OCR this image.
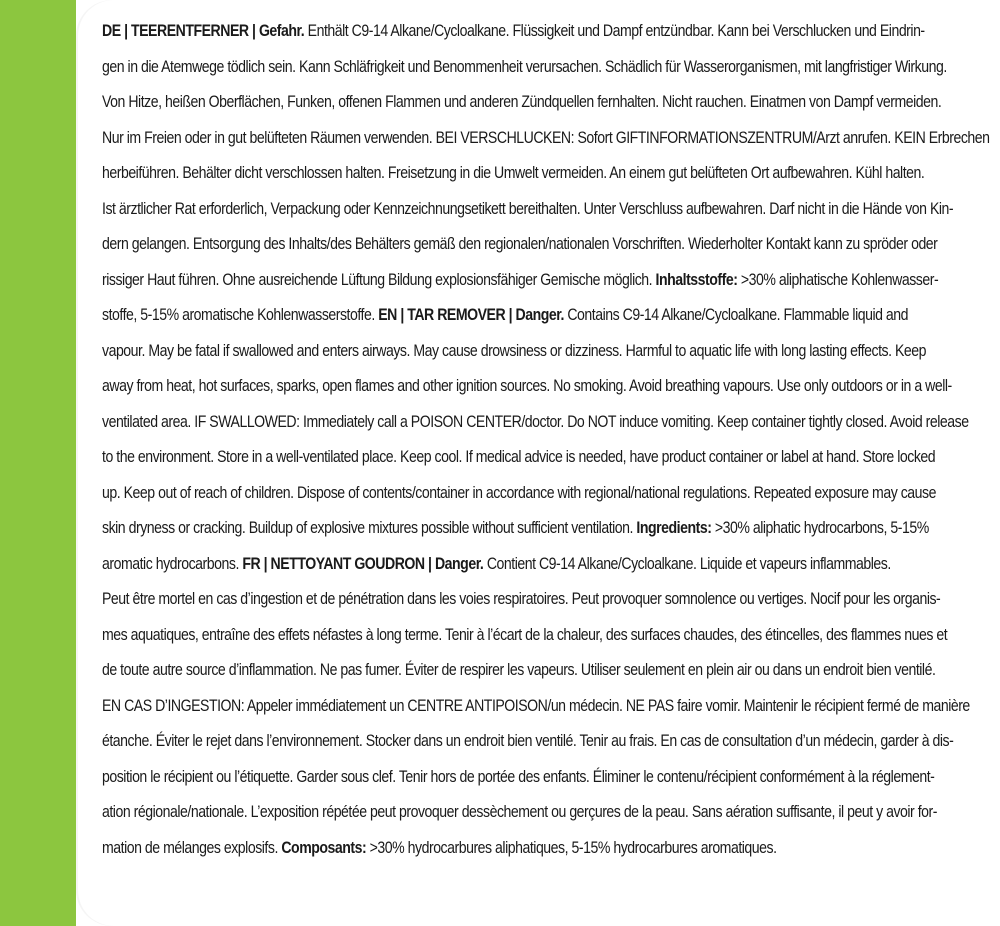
DE | TEERENTFERNER | Gefahr. Enthält C9-14 Alkane/Cycloalkane. Flüssigkeit und Dampf entzündbar. Kann bei Verschlucken und Eindrin-
gen in die Atemwege tödlich sein. Kann Schläfrigkeit und Benommenheit verursachen. Schädlich für Wasserorganismen, mit langfristiger Wirkung.
Von Hitze, heißen Oberflächen, Funken, offenen Flammen und anderen Zündquellen fernhalten. Nicht rauchen. Einatmen von Dampf vermeiden.
Nur im Freien oder in gut belüfteten Räumen verwenden. BEI VERSCHLUCKEN: Sofort GIFTINFORMATIONSZENTRUM/Arzt anrufen. KEIN Erbrechen
herbeiführen. Behälter dicht verschlossen halten. Freisetzung in die Umwelt vermeiden. An einem gut belüfteten Ort aufbewahren. Kühl halten.
Ist ärztlicher Rat erforderlich, Verpackung oder Kennzeichnungsetikett bereithalten. Unter Verschluss aufbewahren. Darf nicht in die Hände von Kin-
dern gelangen. Entsorgung des Inhalts/des Behälters gemäß den regionalen/nationalen Vorschriften. Wiederholter Kontakt kann zu spröder oder
rissiger Haut führen. Ohne ausreichende Lüftung Bildung explosionsfähiger Gemische möglich. Inhaltsstoffe: >30% aliphatische Kohlenwasser-
stoffe, 5-15% aromatische Kohlenwasserstoffe. EN | TAR REMOVER | Danger. Contains C9-14 Alkane/Cycloalkane. Flammable liquid and
vapour. May be fatal if swallowed and enters airways. May cause drowsiness or dizziness. Harmful to aquatic life with long lasting effects. Keep
away from heat, hot surfaces, sparks, open flames and other ignition sources. No smoking. Avoid breathing vapours. Use only outdoors or in a well-
ventilated area. IF SWALLOWED: Immediately call a POISON CENTER/doctor. Do NOT induce vomiting. Keep container tightly closed. Avoid release
to the environment. Store in a well-ventilated place. Keep cool. If medical advice is needed, have product container or label at hand. Store locked
up. Keep out of reach of children. Dispose of contents/container in accordance with regional/national regulations. Repeated exposure may cause
skin dryness or cracking. Buildup of explosive mixtures possible without sufficient ventilation. Ingredients: >30% aliphatic hydrocarbons, 5-15%
aromatic hydrocarbons. FR | NETTOYANT GOUDRON | Danger. Contient C9-14 Alkane/Cycloalkane. Liquide et vapeurs inflammables.
Peut être mortel en cas d’ingestion et de pénétration dans les voies respiratoires. Peut provoquer somnolence ou vertiges. Nocif pour les organis-
mes aquatiques, entraîne des effets néfastes à long terme. Tenir à l’écart de la chaleur, des surfaces chaudes, des étincelles, des flammes nues et
de toute autre source d’inflammation. Ne pas fumer. Éviter de respirer les vapeurs. Utiliser seulement en plein air ou dans un endroit bien ventilé.
EN CAS D’INGESTION: Appeler immédiatement un CENTRE ANTIPOISON/un médecin. NE PAS faire vomir. Maintenir le récipient fermé de manière
étanche. Éviter le rejet dans l’environnement. Stocker dans un endroit bien ventilé. Tenir au frais. En cas de consultation d’un médecin, garder à dis-
position le récipient ou l’étiquette. Garder sous clef. Tenir hors de portée des enfants. Éliminer le contenu/récipient conformément à la réglement-
ation régionale/nationale. L’exposition répétée peut provoquer dessèchement ou gerçures de la peau. Sans aération suffisante, il peut y avoir for-
mation de mélanges explosifs. Composants: >30% hydrocarbures aliphatiques, 5-15% hydrocarbures aromatiques.
